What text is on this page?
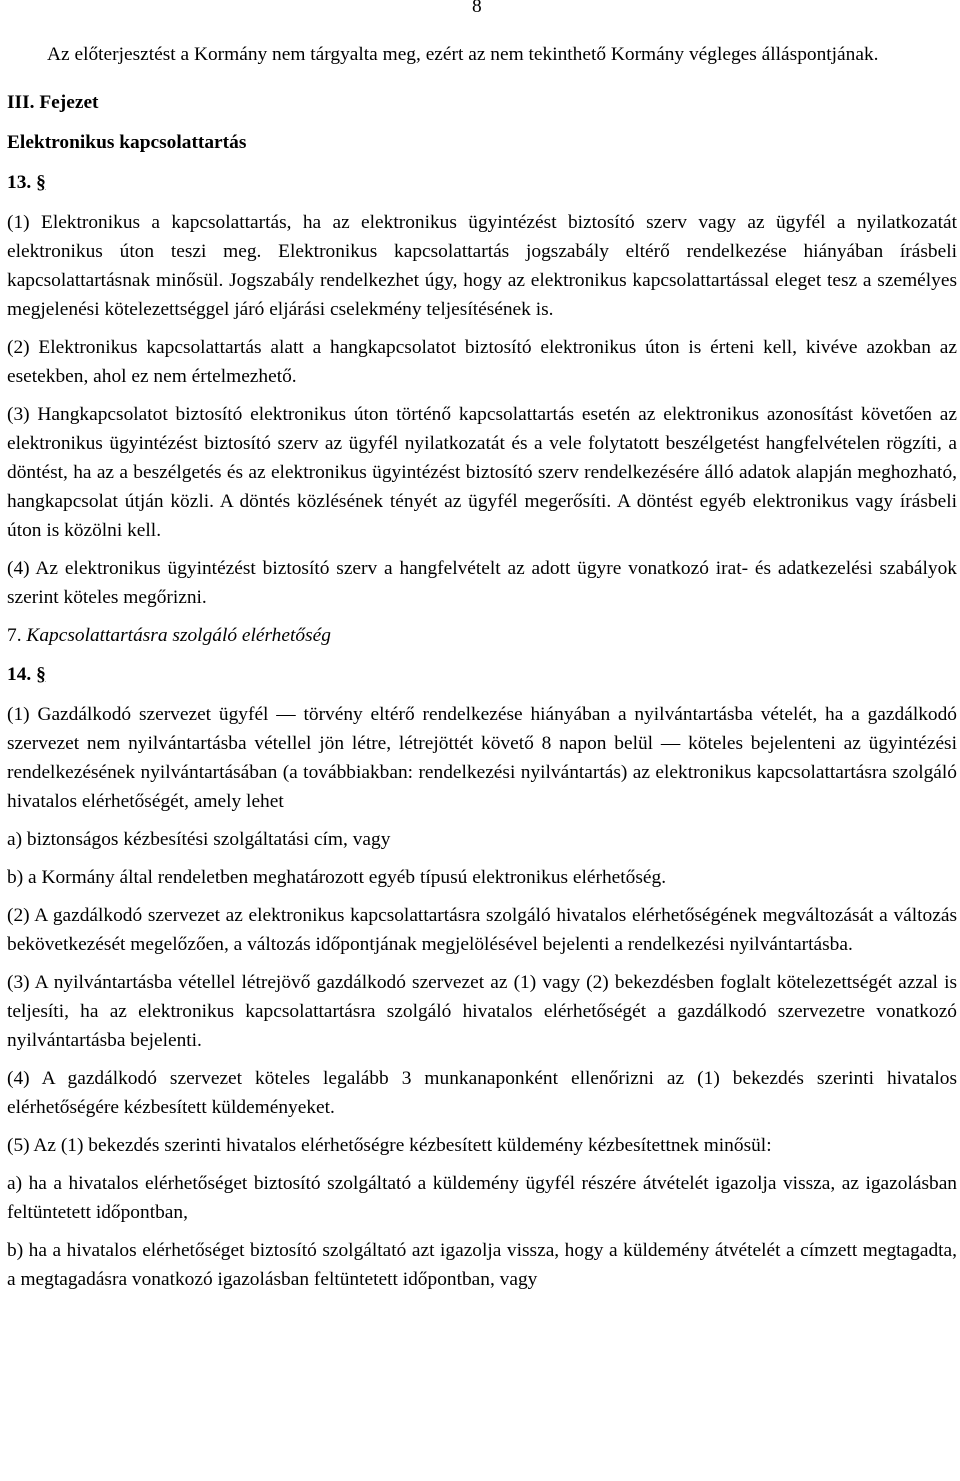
8
Az előterjesztést a Kormány nem tárgyalta meg, ezért az nem tekinthető Kormány végleges álláspontjának.

III. Fejezet

Elektronikus kapcsolattartás

13. §

(1) Elektronikus a kapcsolattartás, ha az elektronikus ügyintézést biztosító szerv vagy az ügyfél a nyilatkozatát elektronikus úton teszi meg. Elektronikus kapcsolattartás jogszabály eltérő rendelkezése hiányában írásbeli kapcsolattartásnak minősül. Jogszabály rendelkezhet úgy, hogy az elektronikus kapcsolattartással eleget tesz a személyes megjelenési kötelezettséggel járó eljárási cselekmény teljesítésének is.

(2) Elektronikus kapcsolattartás alatt a hangkapcsolatot biztosító elektronikus úton is érteni kell, kivéve azokban az esetekben, ahol ez nem értelmezhető.

(3) Hangkapcsolatot biztosító elektronikus úton történő kapcsolattartás esetén az elektronikus azonosítást követően az elektronikus ügyintézést biztosító szerv az ügyfél nyilatkozatát és a vele folytatott beszélgetést hangfelvételen rögzíti, a döntést, ha az a beszélgetés és az elektronikus ügyintézést biztosító szerv rendelkezésére álló adatok alapján meghozható, hangkapcsolat útján közli. A döntés közlésének tényét az ügyfél megerősíti. A döntést egyéb elektronikus vagy írásbeli úton is közölni kell.

(4) Az elektronikus ügyintézést biztosító szerv a hangfelvételt az adott ügyre vonatkozó irat- és adatkezelési szabályok szerint köteles megőrizni.

7. Kapcsolattartásra szolgáló elérhetőség

14. §

(1) Gazdálkodó szervezet ügyfél — törvény eltérő rendelkezése hiányában a nyilvántartásba vételét, ha a gazdálkodó szervezet nem nyilvántartásba vétellel jön létre, létrejöttét követő 8 napon belül — köteles bejelenteni az ügyintézési rendelkezésének nyilvántartásában (a továbbiakban: rendelkezési nyilvántartás) az elektronikus kapcsolattartásra szolgáló hivatalos elérhetőségét, amely lehet

a) biztonságos kézbesítési szolgáltatási cím, vagy

b) a Kormány által rendeletben meghatározott egyéb típusú elektronikus elérhetőség.

(2) A gazdálkodó szervezet az elektronikus kapcsolattartásra szolgáló hivatalos elérhetőségének megváltozását a változás bekövetkezését megelőzően, a változás időpontjának megjelölésével bejelenti a rendelkezési nyilvántartásba.

(3) A nyilvántartásba vétellel létrejövő gazdálkodó szervezet az (1) vagy (2) bekezdésben foglalt kötelezettségét azzal is teljesíti, ha az elektronikus kapcsolattartásra szolgáló hivatalos elérhetőségét a gazdálkodó szervezetre vonatkozó nyilvántartásba bejelenti.

(4) A gazdálkodó szervezet köteles legalább 3 munkanaponként ellenőrizni az (1) bekezdés szerinti hivatalos elérhetőségére kézbesített küldeményeket.

(5) Az (1) bekezdés szerinti hivatalos elérhetőségre kézbesített küldemény kézbesítettnek minősül:

a) ha a hivatalos elérhetőséget biztosító szolgáltató a küldemény ügyfél részére átvételét igazolja vissza, az igazolásban feltüntetett időpontban,

b) ha a hivatalos elérhetőséget biztosító szolgáltató azt igazolja vissza, hogy a küldemény átvételét a címzett megtagadta, a megtagadásra vonatkozó igazolásban feltüntetett időpontban, vagy
